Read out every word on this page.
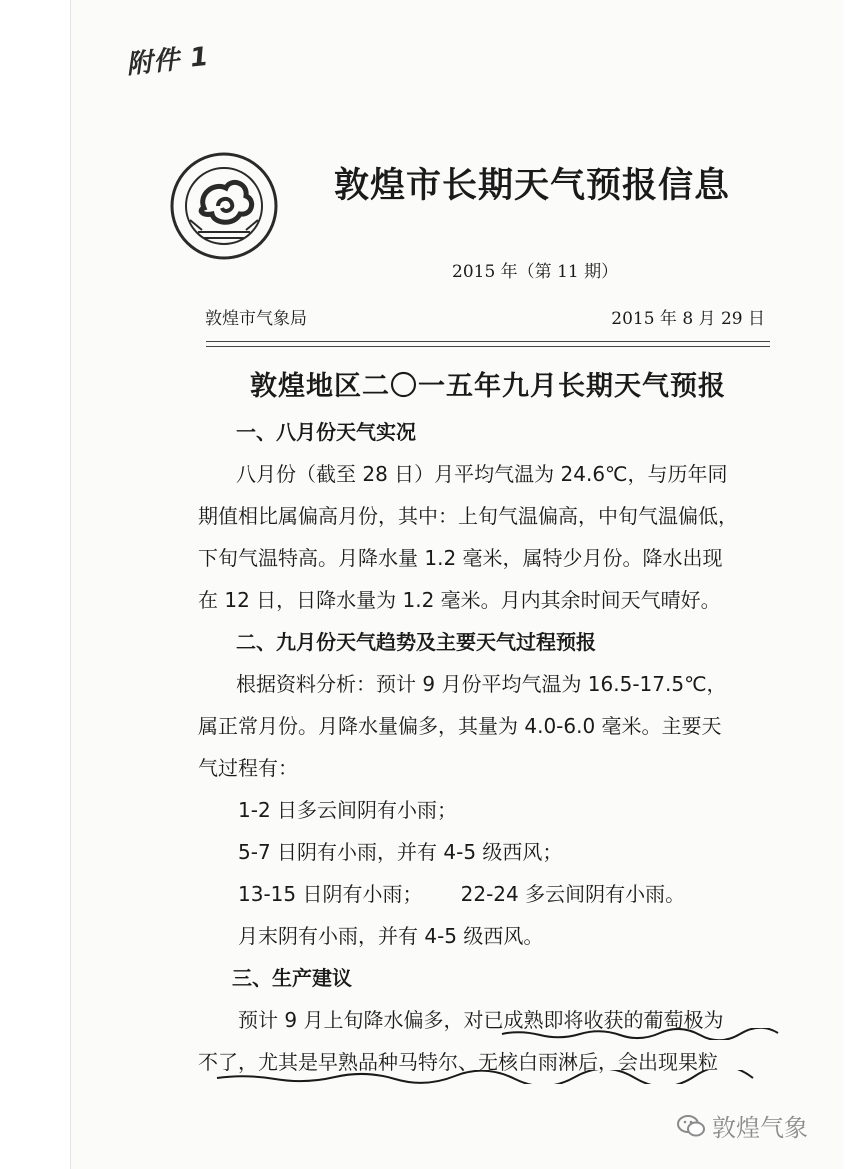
附件 1
敦煌市长期天气预报信息
2015 年（第 11 期）
敦煌市气象局	2015 年 8 月 29 日
敦煌地区二〇一五年九月长期天气预报
一、八月份天气实况
八月份（截至 28 日）月平均气温为 24.6℃，与历年同
期值相比属偏高月份，其中：上旬气温偏高，中旬气温偏低，
下旬气温特高。月降水量 1.2 毫米，属特少月份。降水出现
在 12 日，日降水量为 1.2 毫米。月内其余时间天气晴好。
二、九月份天气趋势及主要天气过程预报
根据资料分析：预计 9 月份平均气温为 16.5-17.5℃，
属正常月份。月降水量偏多，其量为 4.0-6.0 毫米。主要天
气过程有：
1-2 日多云间阴有小雨；
5-7 日阴有小雨，并有 4-5 级西风；
13-15 日阴有小雨；      22-24 多云间阴有小雨。
月末阴有小雨，并有 4-5 级西风。
三、生产建议
预计 9 月上旬降水偏多，对已成熟即将收获的葡萄极为
不了，尤其是早熟品种马特尔、无核白雨淋后，会出现果粒
敦煌气象
